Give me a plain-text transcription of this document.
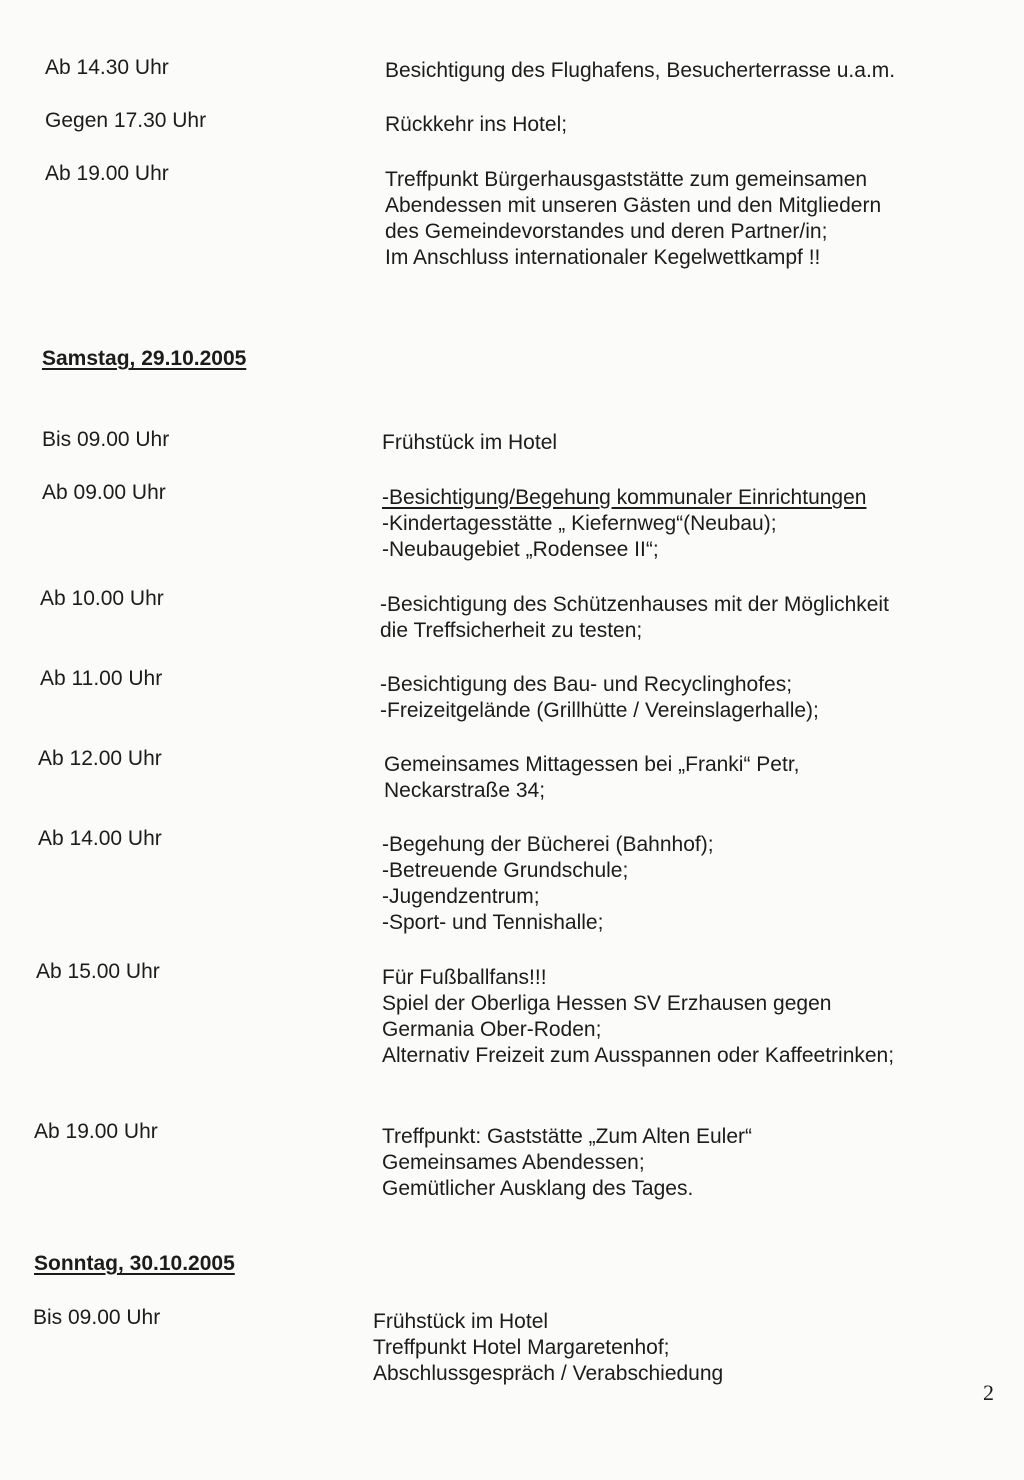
Ab 14.30 Uhr	Besichtigung des Flughafens, Besucherterrasse u.a.m.
Gegen 17.30 Uhr	Rückkehr ins Hotel;
Ab 19.00 Uhr	Treffpunkt Bürgerhausgaststätte zum gemeinsamen
Abendessen mit unseren Gästen und den Mitgliedern
des Gemeindevorstandes und deren Partner/in;
Im Anschluss internationaler Kegelwettkampf !!
Samstag, 29.10.2005
Bis 09.00 Uhr	Frühstück im Hotel
Ab 09.00 Uhr	-Besichtigung/Begehung kommunaler Einrichtungen
-Kindertagesstätte „ Kiefernweg“(Neubau);
-Neubaugebiet „Rodensee II“;
Ab 10.00 Uhr	-Besichtigung des Schützenhauses mit der Möglichkeit
die Treffsicherheit zu testen;
Ab 11.00 Uhr	-Besichtigung des Bau- und Recyclinghofes;
-Freizeitgelände (Grillhütte / Vereinslagerhalle);
Ab 12.00 Uhr	Gemeinsames Mittagessen bei „Franki“ Petr,
Neckarstraße 34;
Ab 14.00 Uhr	-Begehung der Bücherei (Bahnhof);
-Betreuende Grundschule;
-Jugendzentrum;
-Sport- und Tennishalle;
Ab 15.00 Uhr	Für Fußballfans!!!
Spiel der Oberliga Hessen SV Erzhausen gegen
Germania Ober-Roden;
Alternativ Freizeit zum Ausspannen oder Kaffeetrinken;
Ab 19.00 Uhr	Treffpunkt: Gaststätte „Zum Alten Euler“
Gemeinsames Abendessen;
Gemütlicher Ausklang des Tages.
Sonntag, 30.10.2005
Bis 09.00 Uhr	Frühstück im Hotel
Treffpunkt Hotel Margaretenhof;
Abschlussgespräch / Verabschiedung
2
